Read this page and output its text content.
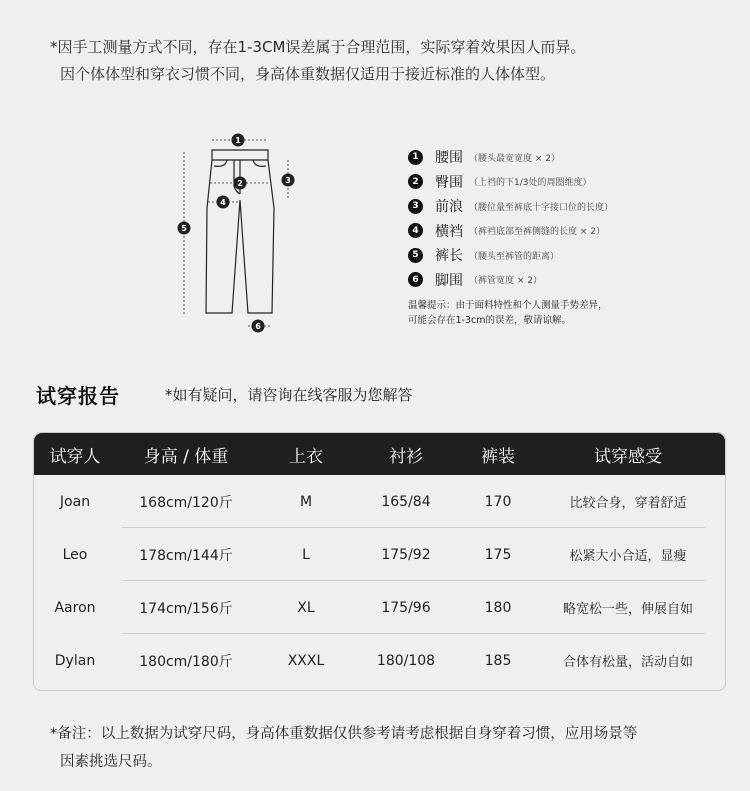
*因手工测量方式不同，存在1-3CM误差属于合理范围，实际穿着效果因人而异。
因个体体型和穿衣习惯不同，身高体重数据仅适用于接近标准的人体体型。
1
2	3
4
5
6
1	腰围 （腰头最宽宽度 × 2）
2	臀围 （上裆的下1/3处的周圈维度）
3	前浪 （腰位量至裤底十字接口位的长度）
4	横裆 （裤裆底部至裤侧缝的长度 × 2）
5	裤长 （腰头至裤管的距离）
6	脚围 （裤管宽度 × 2）
温馨提示：由于面料特性和个人测量手势差异，
可能会存在1-3cm的误差，敬请谅解。
试穿报告	*如有疑问，请咨询在线客服为您解答
试穿人	身高 / 体重	上衣	衬衫	裤装	试穿感受
Joan	168cm/120斤	M	165/84	170	比较合身，穿着舒适
Leo	178cm/144斤	L	175/92	175	松紧大小合适，显瘦
Aaron	174cm/156斤	XL	175/96	180	略宽松一些，伸展自如
Dylan	180cm/180斤	XXXL	180/108	185	合体有松量，活动自如
*备注：以上数据为试穿尺码，身高体重数据仅供参考请考虑根据自身穿着习惯，应用场景等
因素挑选尺码。
